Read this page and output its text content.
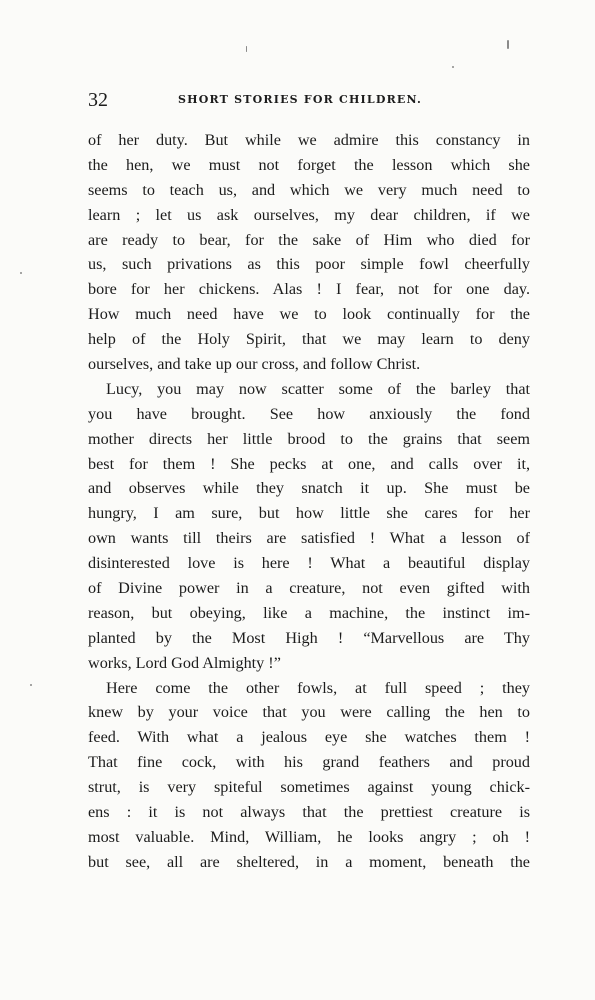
32	SHORT STORIES FOR CHILDREN.
of her duty. But while we admire this constancy in
the hen, we must not forget the lesson which she
seems to teach us, and which we very much need to
learn ; let us ask ourselves, my dear children, if we
are ready to bear, for the sake of Him who died for
us, such privations as this poor simple fowl cheerfully
bore for her chickens. Alas ! I fear, not for one day.
How much need have we to look continually for the
help of the Holy Spirit, that we may learn to deny
ourselves, and take up our cross, and follow Christ.
Lucy, you may now scatter some of the barley that
you have brought. See how anxiously the fond
mother directs her little brood to the grains that seem
best for them ! She pecks at one, and calls over it,
and observes while they snatch it up. She must be
hungry, I am sure, but how little she cares for her
own wants till theirs are satisfied ! What a lesson of
disinterested love is here ! What a beautiful display
of Divine power in a creature, not even gifted with
reason, but obeying, like a machine, the instinct im-
planted by the Most High ! “Marvellous are Thy
works, Lord God Almighty !”
Here come the other fowls, at full speed ; they
knew by your voice that you were calling the hen to
feed. With what a jealous eye she watches them !
That fine cock, with his grand feathers and proud
strut, is very spiteful sometimes against young chick-
ens : it is not always that the prettiest creature is
most valuable. Mind, William, he looks angry ; oh !
but see, all are sheltered, in a moment, beneath the
